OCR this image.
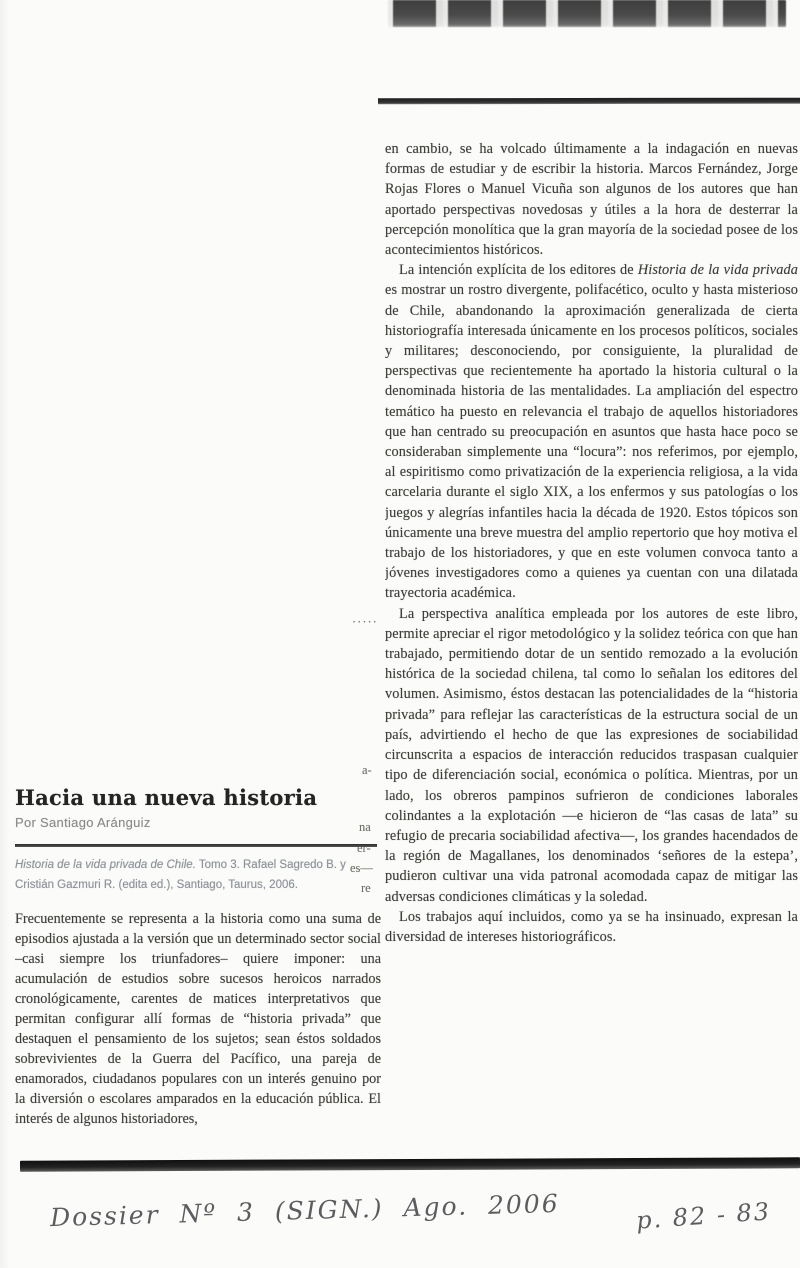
en cambio, se ha volcado últimamente a la indagación en nuevas formas de estudiar y de escribir la historia. Marcos Fernández, Jorge Rojas Flores o Manuel Vicuña son algunos de los autores que han aportado perspectivas novedosas y útiles a la hora de desterrar la percepción monolítica que la gran mayoría de la sociedad posee de los acontecimientos históricos.

La intención explícita de los editores de Historia de la vida privada es mostrar un rostro divergente, polifacético, oculto y hasta misterioso de Chile, abandonando la aproximación generalizada de cierta historiografía interesada únicamente en los procesos políticos, sociales y militares; desconociendo, por consiguiente, la pluralidad de perspectivas que recientemente ha aportado la historia cultural o la denominada historia de las mentalidades. La ampliación del espectro temático ha puesto en relevancia el trabajo de aquellos historiadores que han centrado su preocupación en asuntos que hasta hace poco se consideraban simplemente una “locura”: nos referimos, por ejemplo, al espiritismo como privatización de la experiencia religiosa, a la vida carcelaria durante el siglo XIX, a los enfermos y sus patologías o los juegos y alegrías infantiles hacia la década de 1920. Estos tópicos son únicamente una breve muestra del amplio repertorio que hoy motiva el trabajo de los historiadores, y que en este volumen convoca tanto a jóvenes investigadores como a quienes ya cuentan con una dilatada trayectoria académica.

La perspectiva analítica empleada por los autores de este libro, permite apreciar el rigor metodológico y la solidez teórica con que han trabajado, permitiendo dotar de un sentido remozado a la evolución histórica de la sociedad chilena, tal como lo señalan los editores del volumen. Asimismo, éstos destacan las potencialidades de la “historia privada” para reflejar las características de la estructura social de un país, advirtiendo el hecho de que las expresiones de sociabilidad circunscrita a espacios de interacción reducidos traspasan cualquier tipo de diferenciación social, económica o política. Mientras, por un lado, los obreros pampinos sufrieron de condiciones laborales colindantes a la explotación —e hicieron de “las casas de lata” su refugio de precaria sociabilidad afectiva—, los grandes hacendados de la región de Magallanes, los denominados ‘señores de la estepa’, pudieron cultivar una vida patronal acomodada capaz de mitigar las adversas condiciones climáticas y la soledad.

Los trabajos aquí incluidos, como ya se ha insinuado, expresan la diversidad de intereses historiográficos.

Hacia una nueva historia
Por Santiago Aránguiz
Historia de la vida privada de Chile. Tomo 3. Rafael Sagredo B. y Cristián Gazmuri R. (edita ed.), Santiago, Taurus, 2006.

Frecuentemente se representa a la historia como una suma de episodios ajustada a la versión que un determinado sector social –casi siempre los triunfadores– quiere imponer: una acumulación de estudios sobre sucesos heroicos narrados cronológicamente, carentes de matices interpretativos que permitan configurar allí formas de “historia privada” que destaquen el pensamiento de los sujetos; sean éstos soldados sobrevivientes de la Guerra del Pacífico, una pareja de enamorados, ciudadanos populares con un interés genuino por la diversión o escolares amparados en la educación pública. El interés de algunos historiadores,

·····
a-
na
er-
es—
re
Dossier Nº 3 (SIGN.) Ago. 2006	p. 82 - 83
